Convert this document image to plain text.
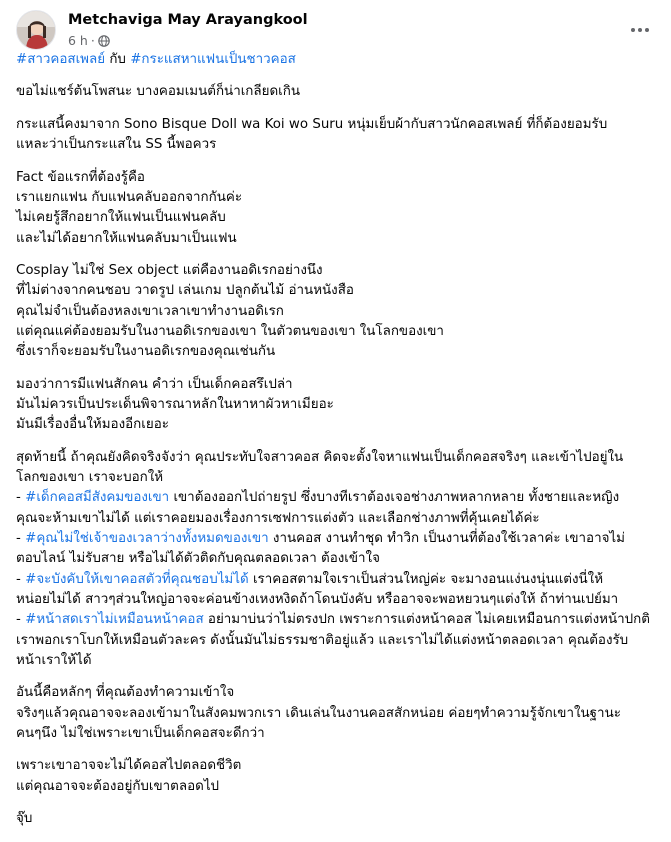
Metchaviga May Arayangkool
6 h ·
#สาวคอสเพลย์ กับ #กระแสหาแฟนเป็นชาวคอส
ขอไม่แชร์ต้นโพสนะ บางคอมเมนต์ก็น่าเกลียดเกิน
กระแสนี้คงมาจาก Sono Bisque Doll wa Koi wo Suru หนุ่มเย็บผ้ากับสาวนักคอสเพลย์ ที่ก็ต้องยอมรับ
แหละว่าเป็นกระแสใน SS นี้พอควร
Fact ข้อแรกที่ต้องรู้คือ
เราแยกแฟน กับแฟนคลับออกจากกันค่ะ
ไม่เคยรู้สึกอยากให้แฟนเป็นแฟนคลับ
และไม่ได้อยากให้แฟนคลับมาเป็นแฟน
Cosplay ไม่ใช่ Sex object แต่คืองานอดิเรกอย่างนึง
ที่ไม่ต่างจากคนชอบ วาดรูป เล่นเกม ปลูกต้นไม้ อ่านหนังสือ
คุณไม่จำเป็นต้องหลงเขาเวลาเขาทำงานอดิเรก
แต่คุณแค่ต้องยอมรับในงานอดิเรกของเขา ในตัวตนของเขา ในโลกของเขา
ซึ่งเราก็จะยอมรับในงานอดิเรกของคุณเช่นกัน
มองว่าการมีแฟนสักคน คำว่า เป็นเด็กคอสรึเปล่า
มันไม่ควรเป็นประเด็นพิจารณาหลักในหาหาผัวหาเมียอะ
มันมีเรื่องอื่นให้มองอีกเยอะ
สุดท้ายนี้ ถ้าคุณยังคิดจริงจังว่า คุณประทับใจสาวคอส คิดจะตั้งใจหาแฟนเป็นเด็กคอสจริงๆ และเข้าไปอยู่ใน
โลกของเขา เราจะบอกให้
- #เด็กคอสมีสังคมของเขา เขาต้องออกไปถ่ายรูป ซึ่งบางทีเราต้องเจอช่างภาพหลากหลาย ทั้งชายและหญิง
คุณจะห้ามเขาไม่ได้ แต่เราคอยมองเรื่องการเซฟการแต่งตัว และเลือกช่างภาพที่คุ้นเคยได้ค่ะ
- #คุณไม่ใช่เจ้าของเวลาว่างทั้งหมดของเขา งานคอส งานทำชุด ทำวิก เป็นงานที่ต้องใช้เวลาค่ะ เขาอาจไม่
ตอบไลน์ ไม่รับสาย หรือไม่ได้ตัวติดกับคุณตลอดเวลา ต้องเข้าใจ
- #จะบังคับให้เขาคอสตัวที่คุณชอบไม่ได้ เราคอสตามใจเราเป็นส่วนใหญ่ค่ะ จะมางอนแง่นงนุ่นแต่งนี่ให้
หน่อยไม่ได้ สาวๆส่วนใหญ่อาจจะค่อนข้างเหงหงิดถ้าโดนบังคับ หรืออาจจะพอหยวนๆแต่งให้ ถ้าท่านเปย์มา
- #หน้าสดเราไม่เหมือนหน้าคอส อย่ามาบ่นว่าไม่ตรงปก เพราะการแต่งหน้าคอส ไม่เคยเหมือนการแต่งหน้าปกติ
เราพอกเราโบกให้เหมือนตัวละคร ดังนั้นมันไม่ธรรมชาติอยู่แล้ว และเราไม่ได้แต่งหน้าตลอดเวลา คุณต้องรับ
หน้าเราให้ได้
อันนี้คือหลักๆ ที่คุณต้องทำความเข้าใจ
จริงๆแล้วคุณอาจจะลองเข้ามาในสังคมพวกเรา เดินเล่นในงานคอสสักหน่อย ค่อยๆทำความรู้จักเขาในฐานะ
คนๆนึง ไม่ใช่เพราะเขาเป็นเด็กคอสจะดีกว่า
เพราะเขาอาจจะไม่ได้คอสไปตลอดชีวิต
แต่คุณอาจจะต้องอยู่กับเขาตลอดไป
จุ๊บ
